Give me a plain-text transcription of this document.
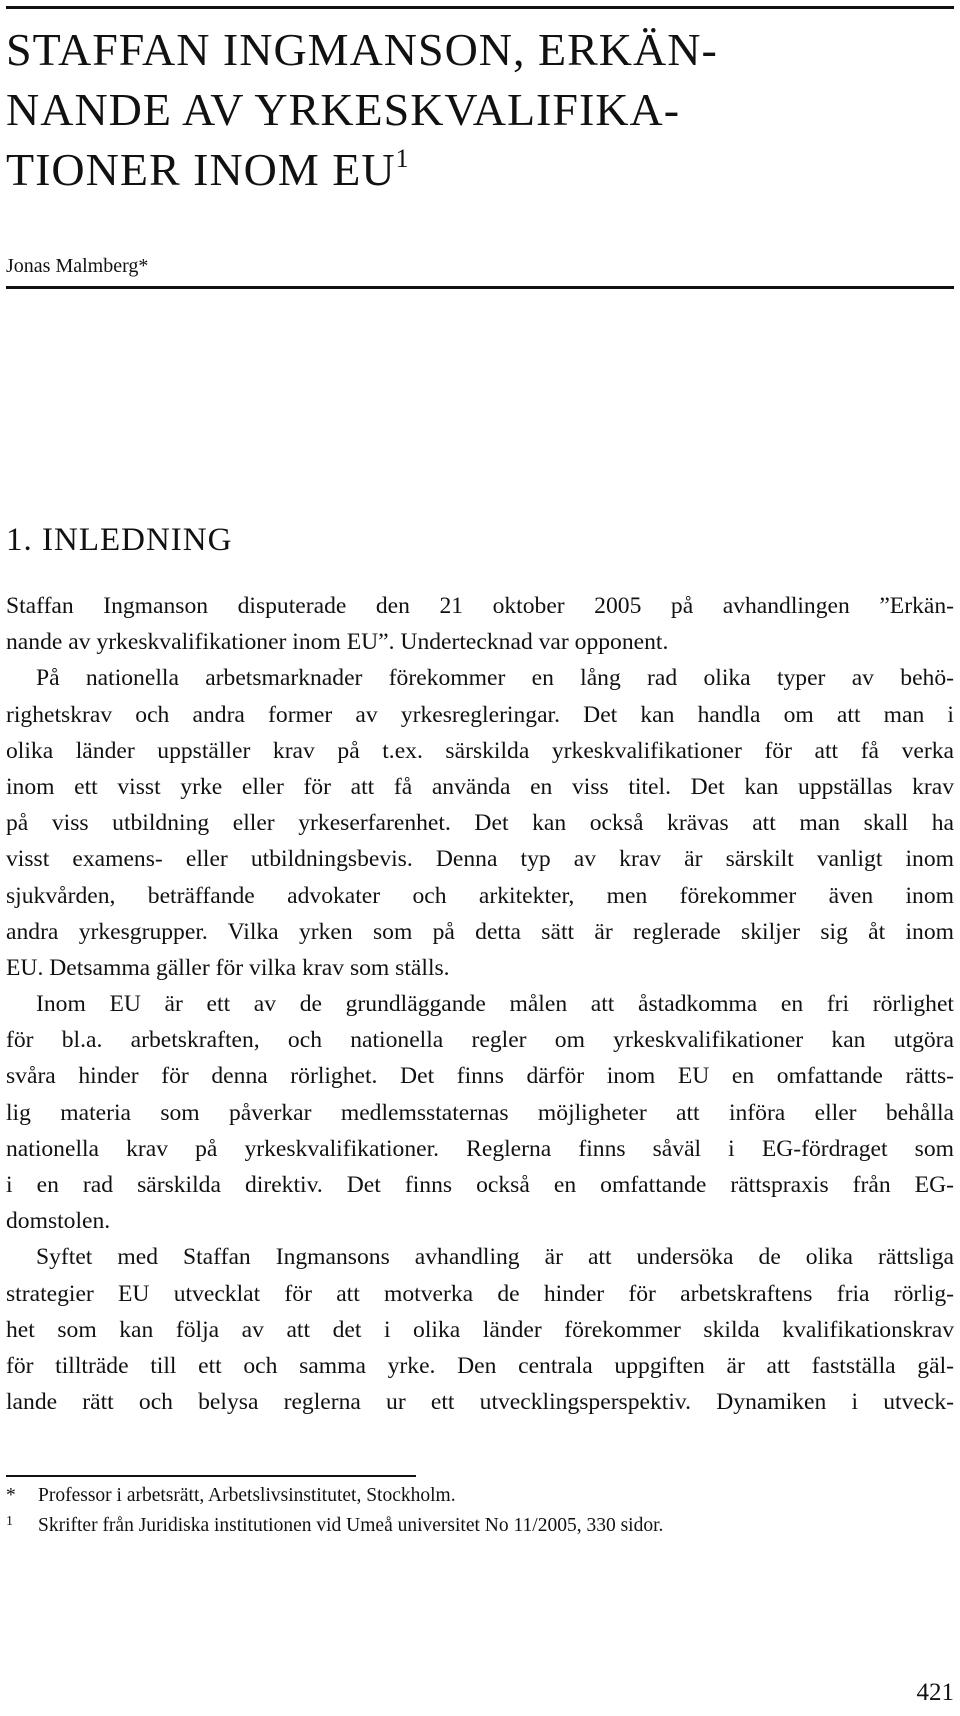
STAFFAN INGMANSON, ERKÄN-
NANDE AV YRKESKVALIFIKA-
TIONER INOM $EU^1$
Jonas Malmberg*
1. INLEDNING
Staffan Ingmanson disputerade den 21 oktober 2005 på avhandlingen ”Erkän-
nande av yrkeskvalifikationer inom EU”. Undertecknad var opponent.
På nationella arbetsmarknader förekommer en lång rad olika typer av behö-
righetskrav och andra former av yrkesregleringar. Det kan handla om att man i
olika länder uppställer krav på t.ex. särskilda yrkeskvalifikationer för att få verka
inom ett visst yrke eller för att få använda en viss titel. Det kan uppställas krav
på viss utbildning eller yrkeserfarenhet. Det kan också krävas att man skall ha
visst examens- eller utbildningsbevis. Denna typ av krav är särskilt vanligt inom
sjukvården, beträffande advokater och arkitekter, men förekommer även inom
andra yrkesgrupper. Vilka yrken som på detta sätt är reglerade skiljer sig åt inom
EU. Detsamma gäller för vilka krav som ställs.
Inom EU är ett av de grundläggande målen att åstadkomma en fri rörlighet
för bl.a. arbetskraften, och nationella regler om yrkeskvalifikationer kan utgöra
svåra hinder för denna rörlighet. Det finns därför inom EU en omfattande rätts-
lig materia som påverkar medlemsstaternas möjligheter att införa eller behålla
nationella krav på yrkeskvalifikationer. Reglerna finns såväl i EG-fördraget som
i en rad särskilda direktiv. Det finns också en omfattande rättspraxis från EG-
domstolen.
Syftet med Staffan Ingmansons avhandling är att undersöka de olika rättsliga
strategier EU utvecklat för att motverka de hinder för arbetskraftens fria rörlig-
het som kan följa av att det i olika länder förekommer skilda kvalifikationskrav
för tillträde till ett och samma yrke. Den centrala uppgiften är att fastställa gäl-
lande rätt och belysa reglerna ur ett utvecklingsperspektiv. Dynamiken i utveck-
* Professor i arbetsrätt, Arbetslivsinstitutet, Stockholm.
1 Skrifter från Juridiska institutionen vid Umeå universitet No 11/2005, 330 sidor.
421
